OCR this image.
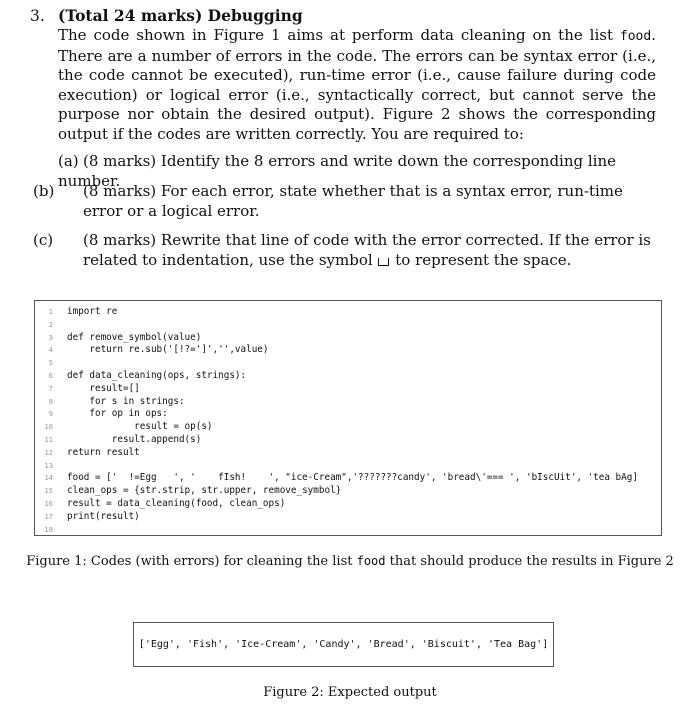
3. (Total 24 marks) Debugging
The code shown in Figure 1 aims at perform data cleaning on the list food. There are a number of errors in the code. The errors can be syntax error (i.e., the code cannot be executed), run-time error (i.e., cause failure during code execution) or logical error (i.e., syntactically correct, but cannot serve the purpose nor obtain the desired output). Figure 2 shows the corresponding output if the codes are written correctly. You are required to:
(a) (8 marks) Identify the 8 errors and write down the corresponding line number.
(b) (8 marks) For each error, state whether that is a syntax error, run-time error or a logical error.
(c) (8 marks) Rewrite that line of code with the error corrected. If the error is related to indentation, use the symbol to represent the space.
1 import re
2
3 def remove_symbol(value)
4    return re.sub('[!?=']','',value)
5
6 def data_cleaning(ops, strings):
7    result=[]
8    for s in strings:
9    for op in ops:
10            result = op(s)
11        result.append(s)
12 return result
13
14 food = ['  !=Egg   ', '    fIsh!    ', "ice-Cream",'???????candy', 'bread\'=== ', 'bIscUit', 'tea bAg]
15 clean_ops = {str.strip, str.upper, remove_symbol}
16 result = data_cleaning(food, clean_ops)
17 print(result)
18
Figure 1: Codes (with errors) for cleaning the list food that should produce the results in Figure 2
['Egg', 'Fish', 'Ice-Cream', 'Candy', 'Bread', 'Biscuit', 'Tea Bag']
Figure 2: Expected output
